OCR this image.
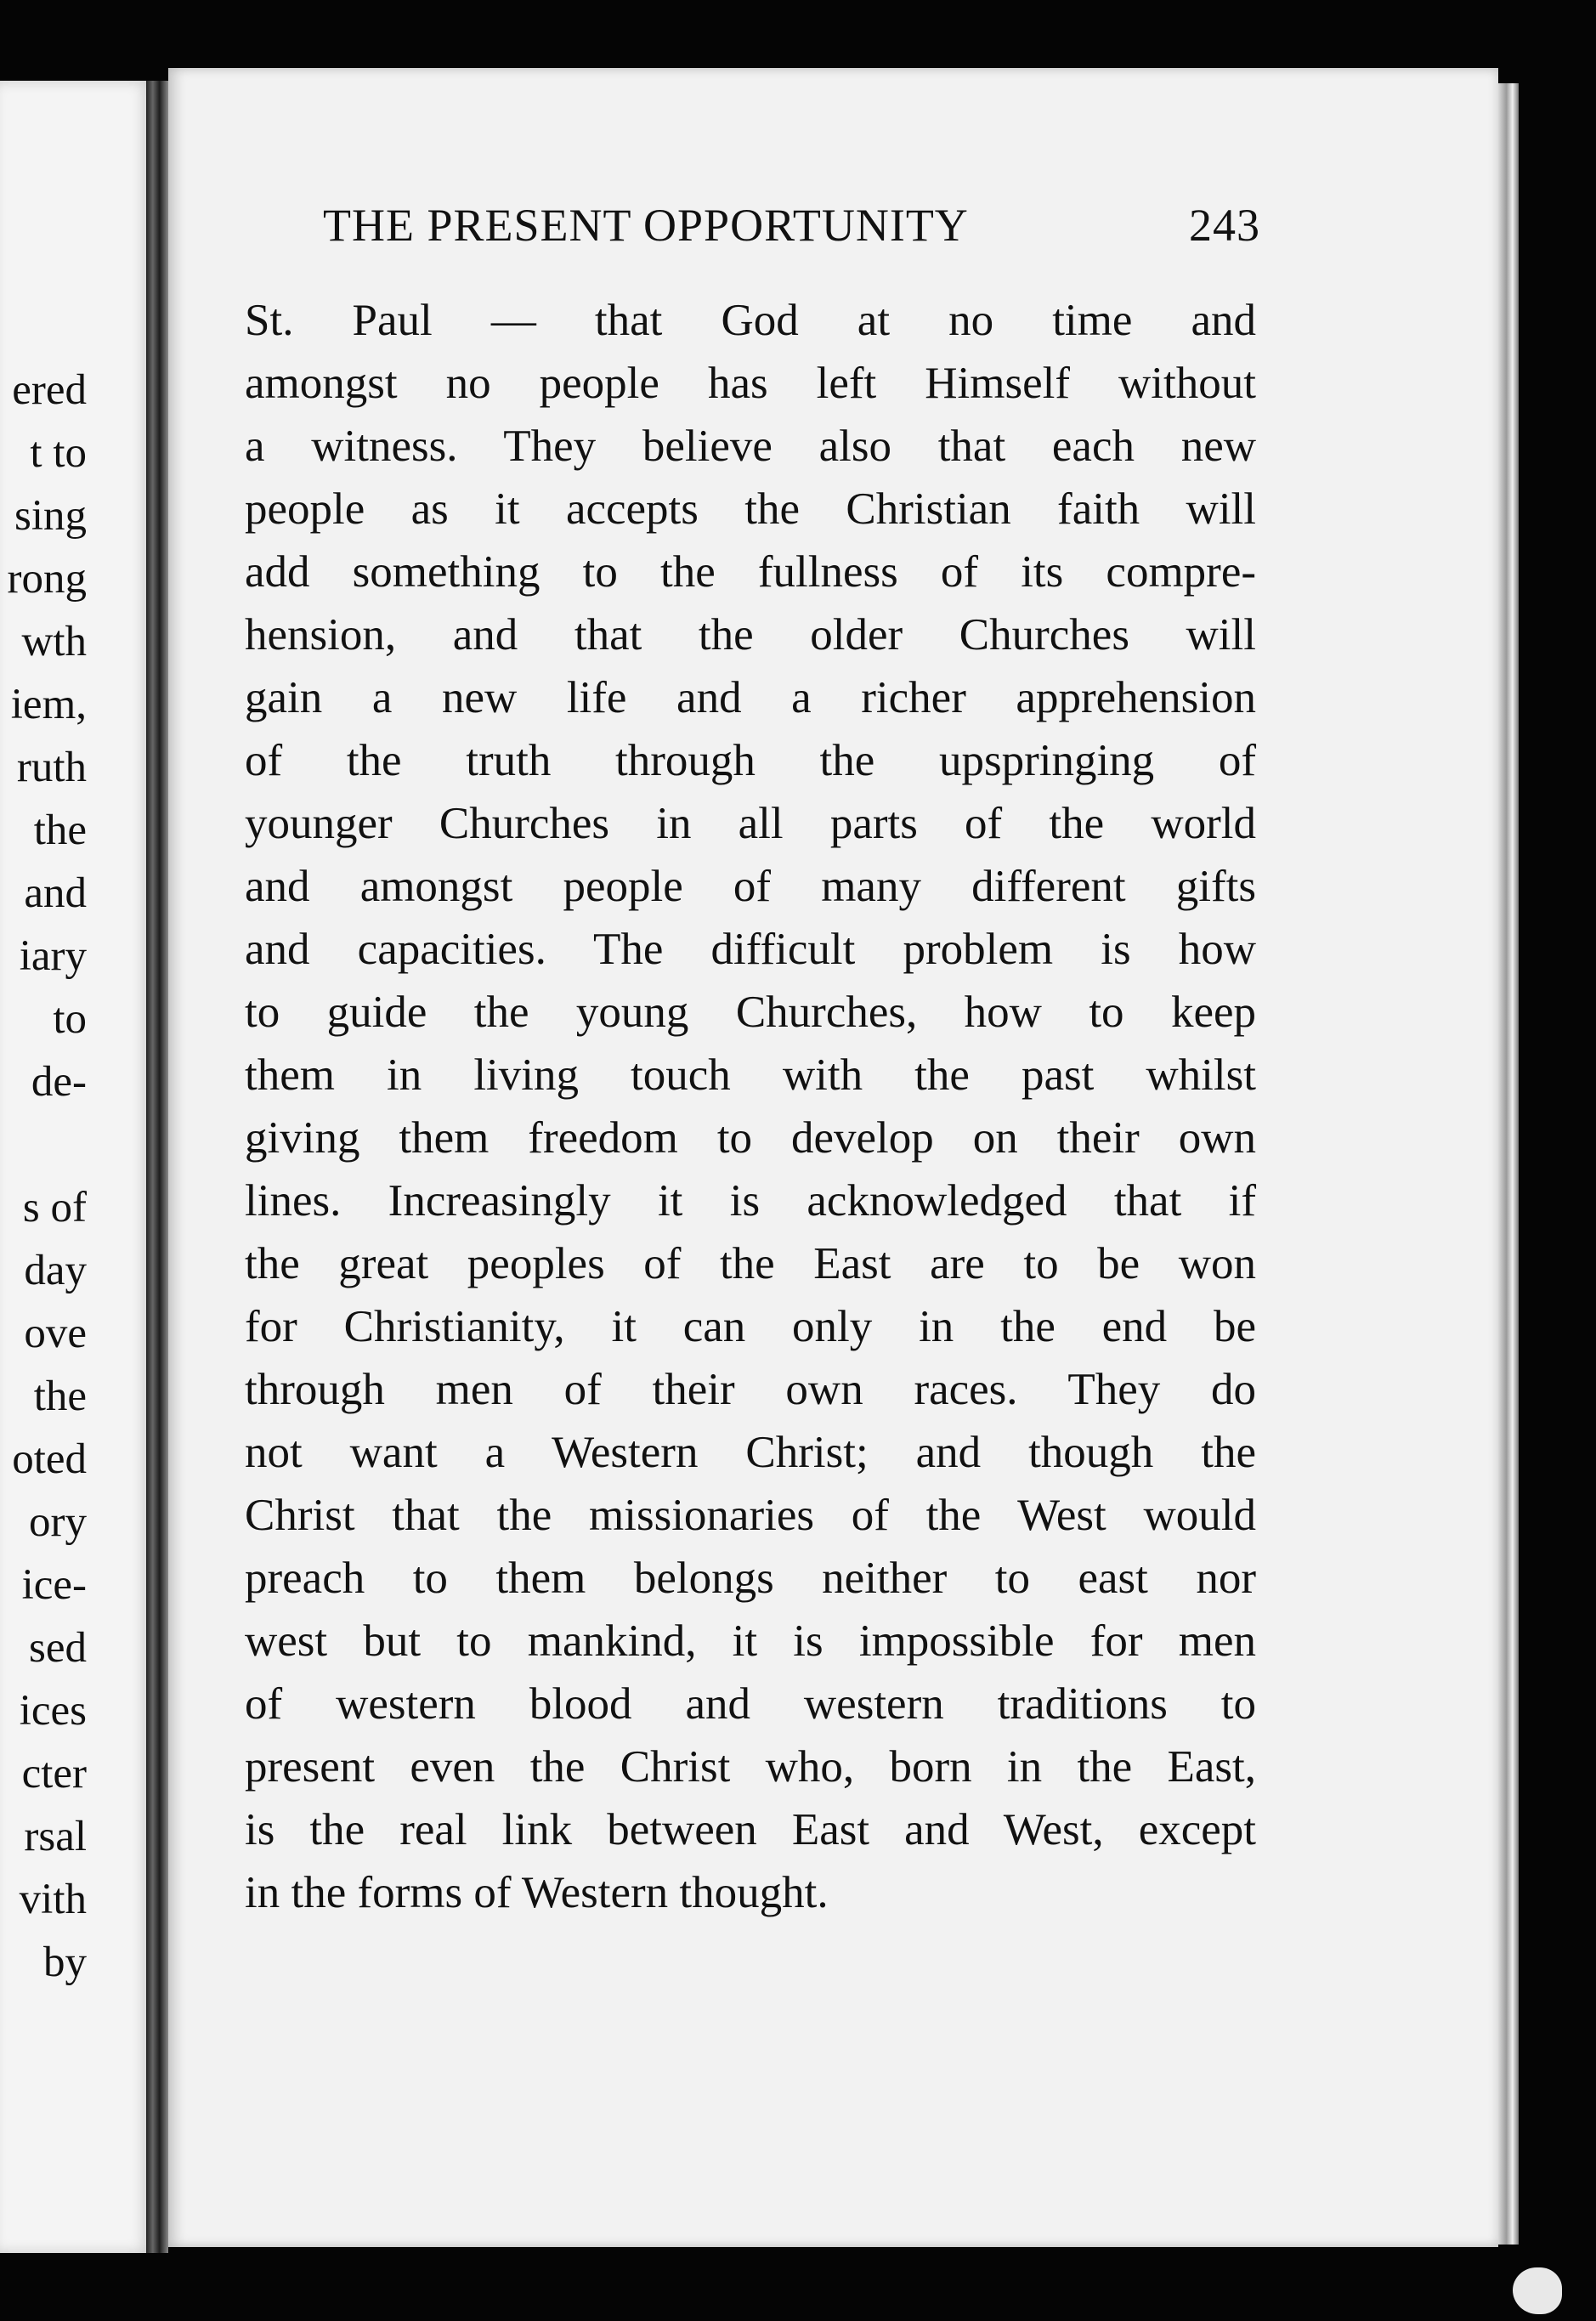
ered
t to
sing
rong
wth
iem,
ruth
the
and
iary
to
de-
s of
day
ove
the
oted
ory
ice-
sed
ices
cter
rsal
vith
by
THE PRESENT OPPORTUNITY	243
St. Paul — that God at no time and
amongst no people has left Himself without
a witness. They believe also that each new
people as it accepts the Christian faith will
add something to the fullness of its compre-
hension, and that the older Churches will
gain a new life and a richer apprehension
of the truth through the upspringing of
younger Churches in all parts of the world
and amongst people of many different gifts
and capacities. The difficult problem is how
to guide the young Churches, how to keep
them in living touch with the past whilst
giving them freedom to develop on their own
lines. Increasingly it is acknowledged that if
the great peoples of the East are to be won
for Christianity, it can only in the end be
through men of their own races. They do
not want a Western Christ; and though the
Christ that the missionaries of the West would
preach to them belongs neither to east nor
west but to mankind, it is impossible for men
of western blood and western traditions to
present even the Christ who, born in the East,
is the real link between East and West, except
in the forms of Western thought.
